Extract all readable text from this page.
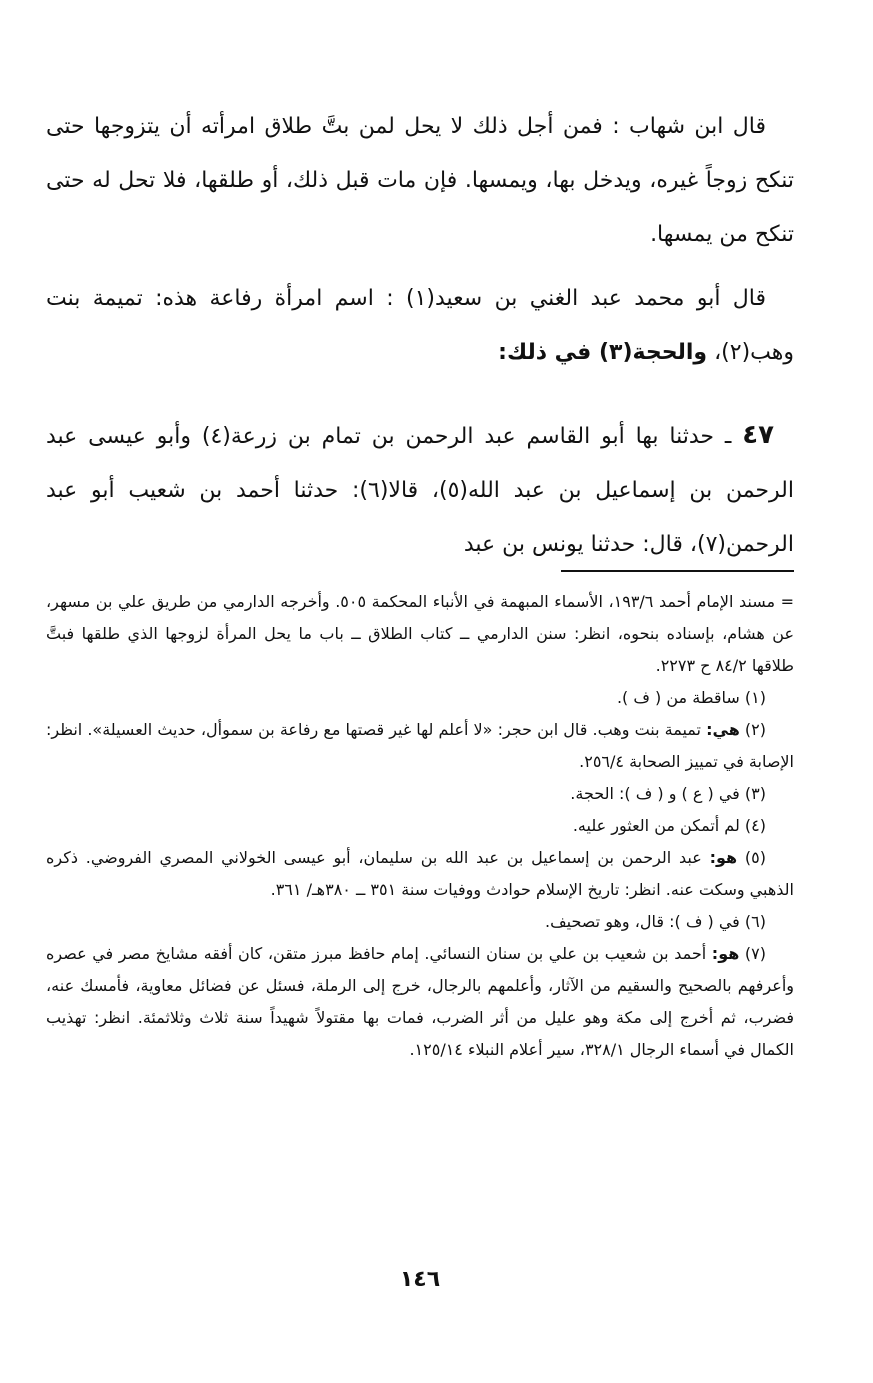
قال ابن شهاب : فمن أجل ذلك لا يحل لمن بتَّ طلاق امرأته أن يتزوجها حتى تنكح زوجاً غيره، ويدخل بها، ويمسها. فإن مات قبل ذلك، أو طلقها، فلا تحل له حتى تنكح من يمسها.

قال أبو محمد عبد الغني بن سعيد(١) : اسم امرأة رفاعة هذه: تميمة بنت وهب(٢)، والحجة(٣) في ذلك:

٤٧ ـ حدثنا بها أبو القاسم عبد الرحمن بن تمام بن زرعة(٤) وأبو عيسى عبد الرحمن بن إسماعيل بن عبد الله(٥)، قالا(٦): حدثنا أحمد بن شعيب أبو عبد الرحمن(٧)، قال: حدثنا يونس بن عبد

= مسند الإمام أحمد ١٩٣/٦، الأسماء المبهمة في الأنباء المحكمة ٥٠٥. وأخرجه الدارمي من طريق علي بن مسهر، عن هشام، بإسناده بنحوه، انظر: سنن الدارمي ــ كتاب الطلاق ــ باب ما يحل المرأة لزوجها الذي طلقها فبتَّ طلاقها ٨٤/٢ ح ٢٢٧٣.

(١) ساقطة من ( ف ).

(٢) هي: تميمة بنت وهب. قال ابن حجر: «لا أعلم لها غير قصتها مع رفاعة بن سموأل، حديث العسيلة». انظر: الإصابة في تمييز الصحابة ٢٥٦/٤.

(٣) في ( ع ) و ( ف ): الحجة.

(٤) لم أتمكن من العثور عليه.

(٥) هو: عبد الرحمن بن إسماعيل بن عبد الله بن سليمان، أبو عيسى الخولاني المصري الفروضي. ذكره الذهبي وسكت عنه. انظر: تاريخ الإسلام حوادث ووفيات سنة ٣٥١ ــ ٣٨٠هـ/ ٣٦١.

(٦) في ( ف ): قال، وهو تصحيف.

(٧) هو: أحمد بن شعيب بن علي بن سنان النسائي. إمام حافظ مبرز متقن، كان أفقه مشايخ مصر في عصره وأعرفهم بالصحيح والسقيم من الآثار، وأعلمهم بالرجال، خرج إلى الرملة، فسئل عن فضائل معاوية، فأمسك عنه، فضرب، ثم أخرج إلى مكة وهو عليل من أثر الضرب، فمات بها مقتولاً شهيداً سنة ثلاث وثلاثمئة. انظر: تهذيب الكمال في أسماء الرجال ٣٢٨/١، سير أعلام النبلاء ١٢٥/١٤.

١٤٦
